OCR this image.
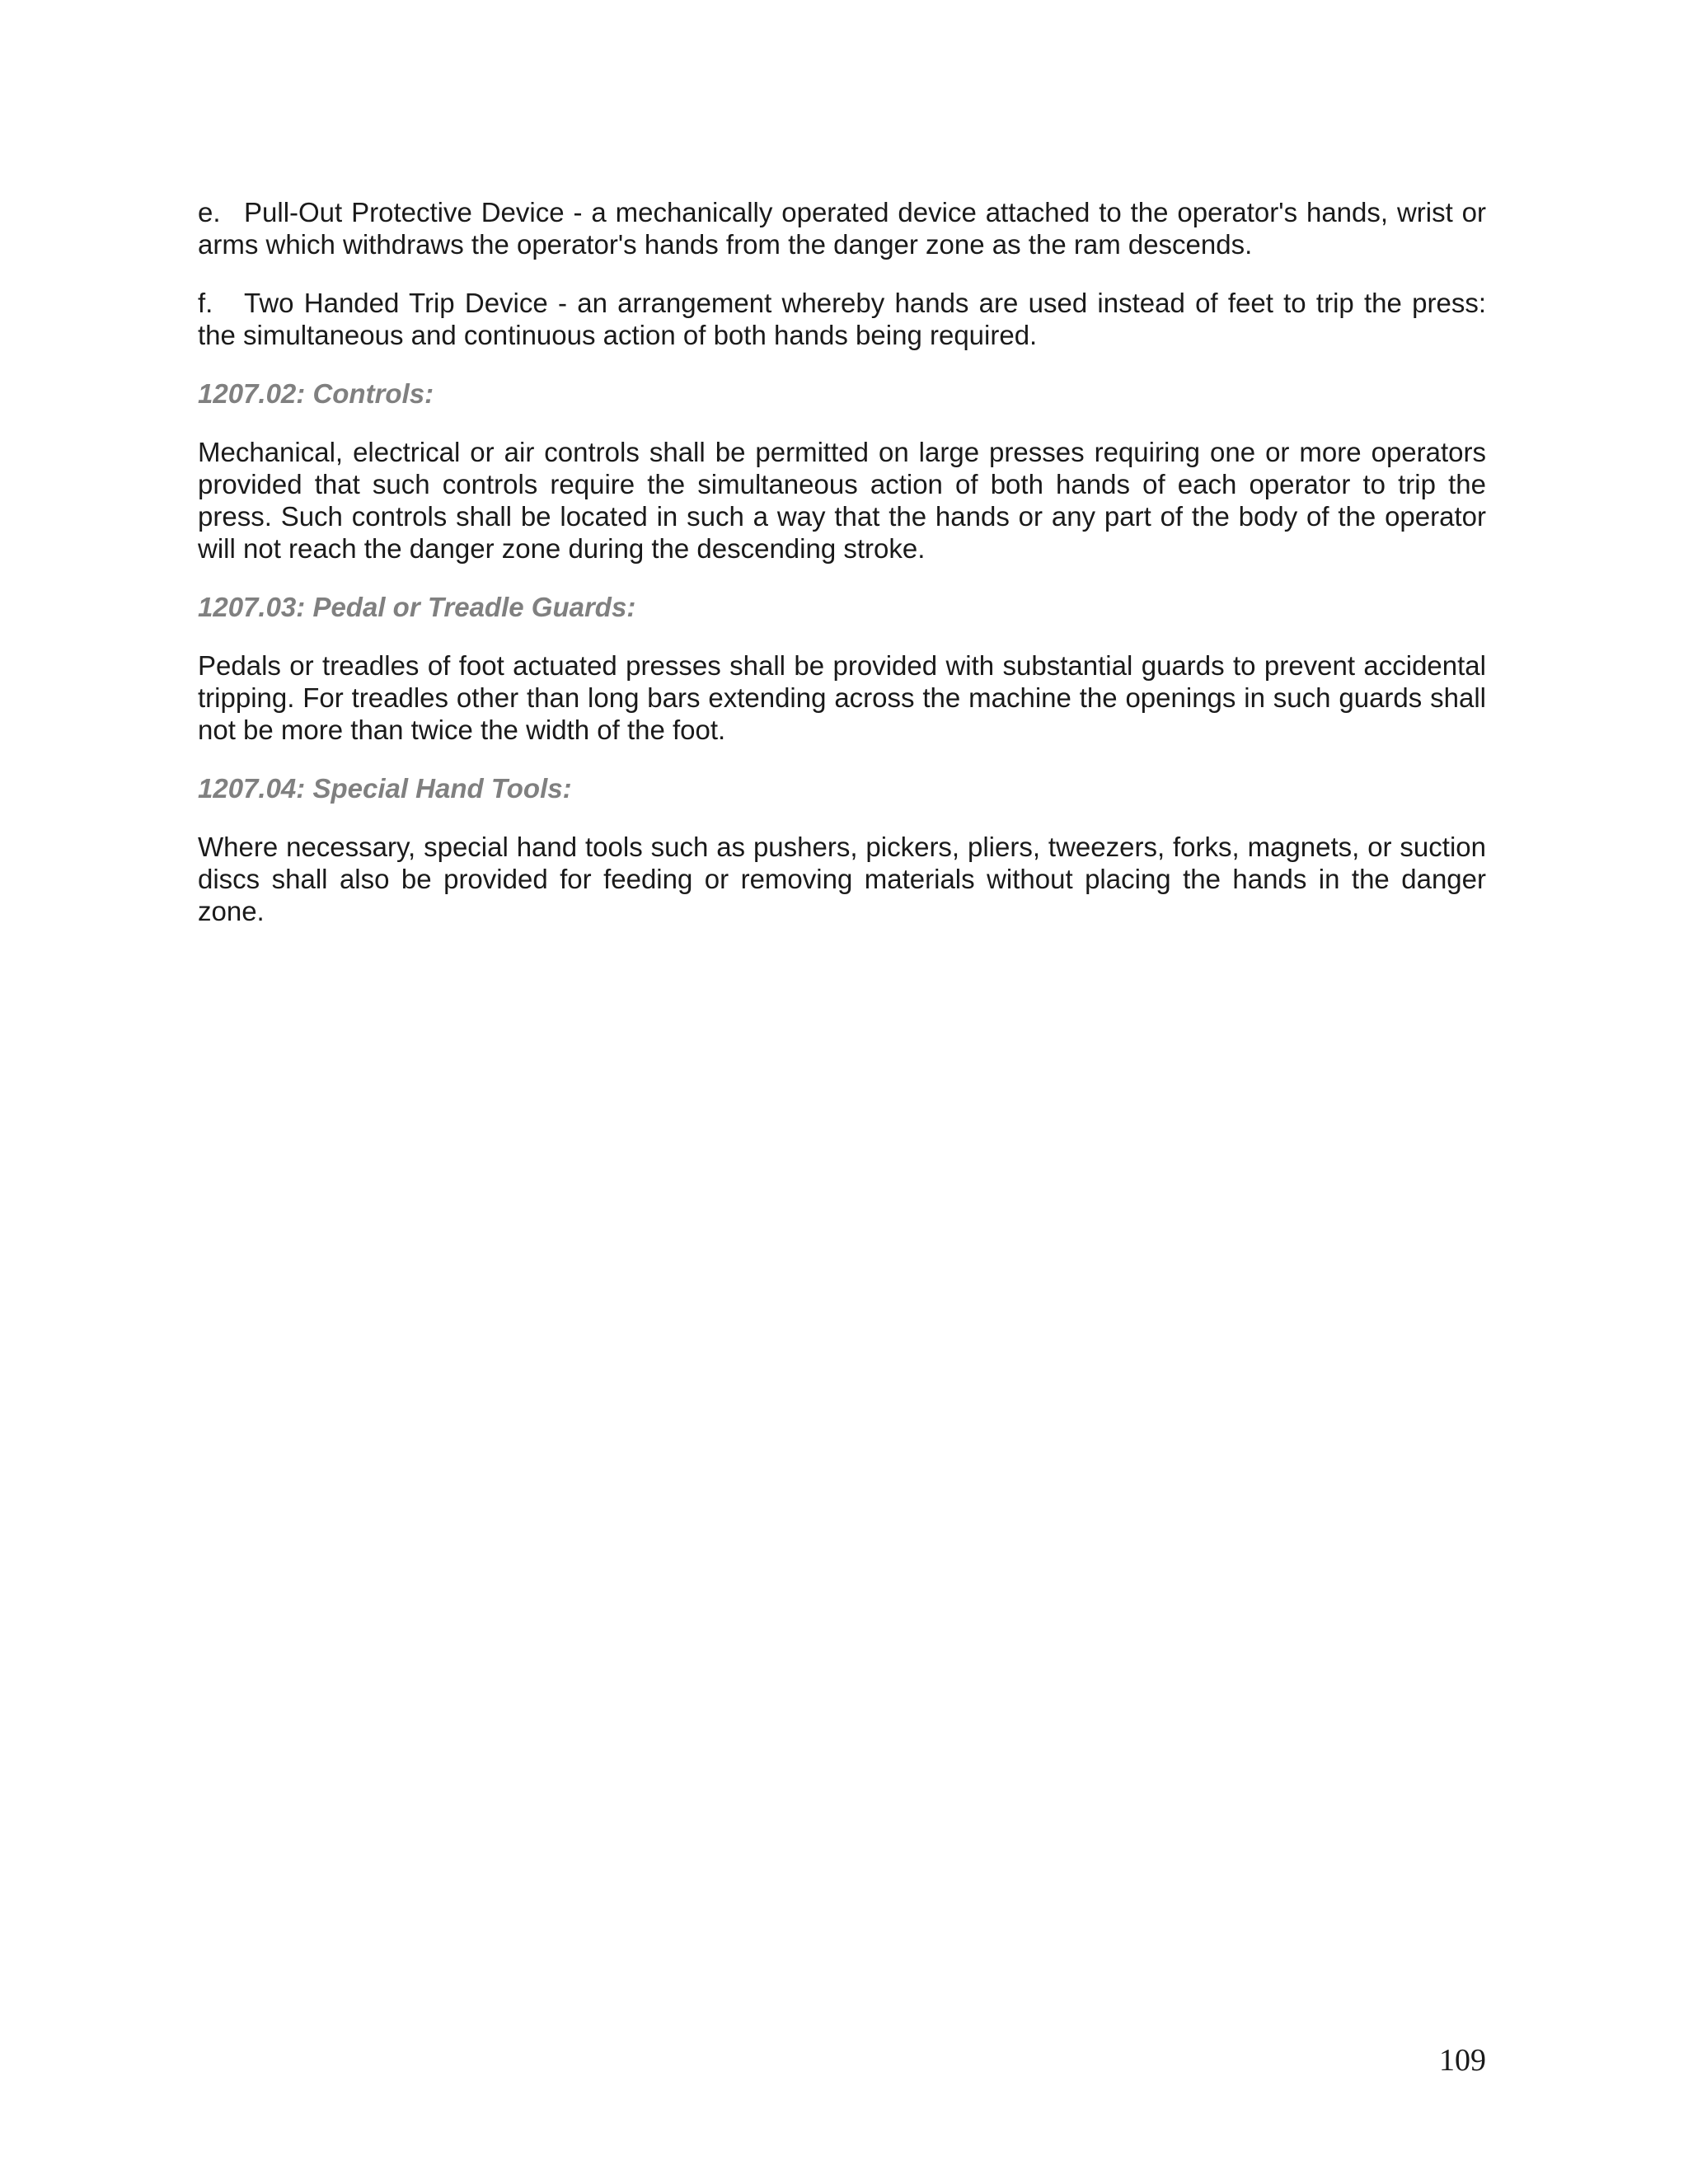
e. Pull-Out Protective Device - a mechanically operated device attached to the operator's hands, wrist or arms which withdraws the operator's hands from the danger zone as the ram descends.

f. Two Handed Trip Device - an arrangement whereby hands are used instead of feet to trip the press: the simultaneous and continuous action of both hands being required.

1207.02: Controls:

Mechanical, electrical or air controls shall be permitted on large presses requiring one or more operators provided that such controls require the simultaneous action of both hands of each operator to trip the press. Such controls shall be located in such a way that the hands or any part of the body of the operator will not reach the danger zone during the descending stroke.

1207.03: Pedal or Treadle Guards:

Pedals or treadles of foot actuated presses shall be provided with substantial guards to prevent accidental tripping. For treadles other than long bars extending across the machine the openings in such guards shall not be more than twice the width of the foot.

1207.04: Special Hand Tools:

Where necessary, special hand tools such as pushers, pickers, pliers, tweezers, forks, magnets, or suction discs shall also be provided for feeding or removing materials without placing the hands in the danger zone.

109
